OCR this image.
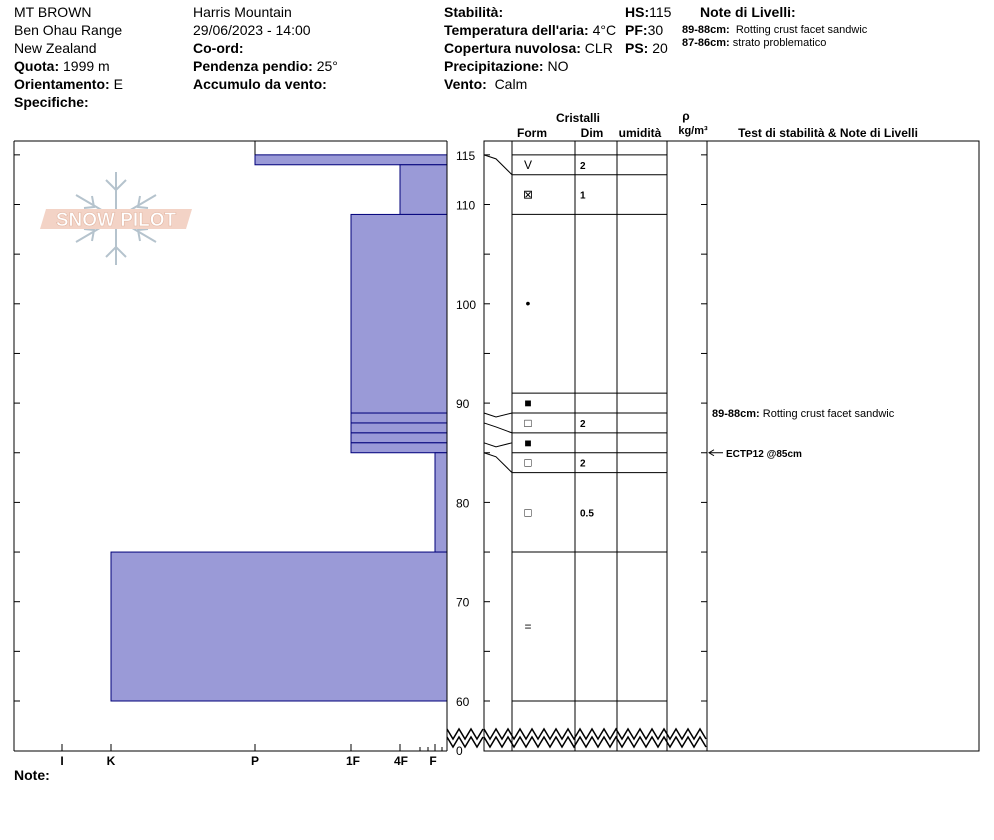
MT BROWN
Ben Ohau Range
New Zealand
Quota: 1999 m
Orientamento: E
Specifiche:
Harris Mountain
29/06/2023 - 14:00
Co-ord:
Pendenza pendio: 25°
Accumulo da vento:
Stabilità:
Temperatura dell'aria: 4°C
Copertura nuvolosa: CLR
Precipitazione: NO
Vento: Calm
HS:115
PF:30
PS: 20
Note di Livelli:
89-88cm: Rotting crust facet sandwic
87-86cm: strato problematico
Note:
Cristalli
Form	Dim umidità
ρ
kg/m³	Test di stabilità & Note di Livelli
SNOW PILOT
I	K	P	1F	4F F
115
110
100
90
80
70
60
0
V	2
⊠	1
•
■
□	2
■
□	2
□	0.5
=
89-88cm: Rotting crust facet sandwic
ECTP12 @85cm
